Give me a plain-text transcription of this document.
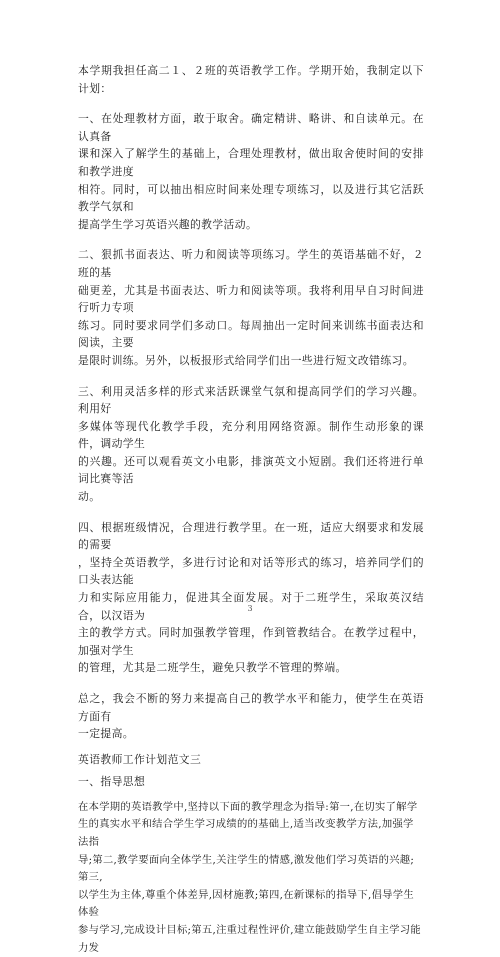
本学期我担任高二１、２班的英语教学工作。学期开始，我制定以下计划：

一、在处理教材方面，敢于取舍。确定精讲、略讲、和自读单元。在认真备
课和深入了解学生的基础上，合理处理教材，做出取舍使时间的安排和教学进度
相符。同时，可以抽出相应时间来处理专项练习，以及进行其它活跃教学气氛和
提高学生学习英语兴趣的教学活动。

二、狠抓书面表达、听力和阅读等项练习。学生的英语基础不好，２班的基
础更差，尤其是书面表达、听力和阅读等项。我将利用早自习时间进行听力专项
练习。同时要求同学们多动口。每周抽出一定时间来训练书面表达和阅读，主要
是限时训练。另外，以板报形式给同学们出一些进行短文改错练习。

三、利用灵活多样的形式来活跃课堂气氛和提高同学们的学习兴趣。利用好
多媒体等现代化教学手段，充分利用网络资源。制作生动形象的课件，调动学生
的兴趣。还可以观看英文小电影，排演英文小短剧。我们还将进行单词比赛等活
动。

四、根据班级情况，合理进行教学里。在一班，适应大纲要求和发展的需要
，坚持全英语教学，多进行讨论和对话等形式的练习，培养同学们的口头表达能
力和实际应用能力，促进其全面发展。对于二班学生，采取英汉结合，以汉语为
主的教学方式。同时加强教学管理，作到管教结合。在教学过程中，加强对学生
的管理，尤其是二班学生，避免只教学不管理的弊端。

总之，我会不断的努力来提高自己的教学水平和能力，使学生在英语方面有
一定提高。

英语教师工作计划范文三

一、指导思想

在本学期的英语教学中,坚持以下面的教学理念为指导:第一,在切实了解学
生的真实水平和结合学生学习成绩的的基础上,适当改变教学方法,加强学法指
导;第二,教学要面向全体学生,关注学生的情感,激发他们学习英语的兴趣;第三,
以学生为主体,尊重个体差异,因材施教;第四,在新课标的指导下,倡导学生体验
参与学习,完成设计目标;第五,注重过程性评价,建立能鼓励学生自主学习能力发

3
